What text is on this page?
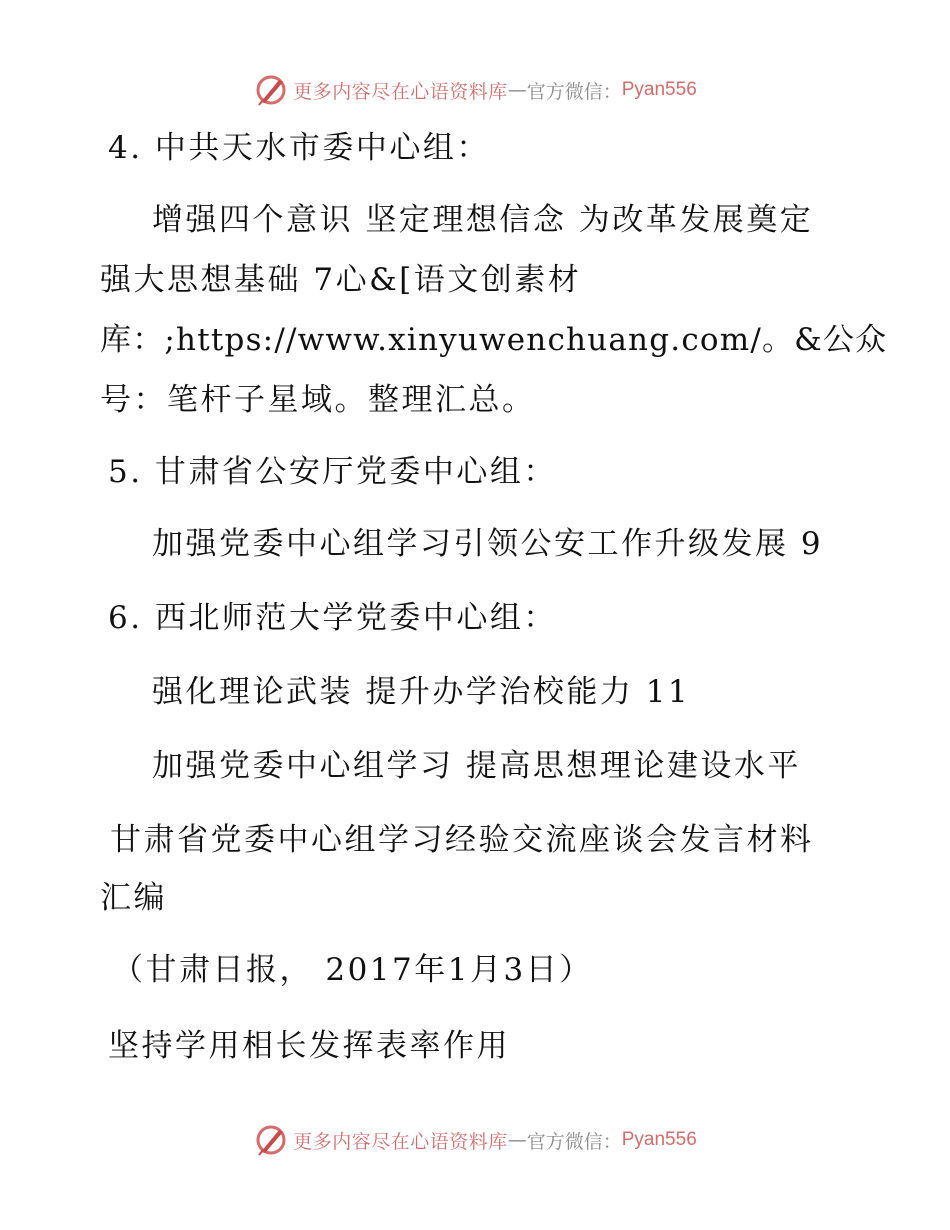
更多内容尽在心语资料库 — 官方微信： Pyan556
4. 中共天水市委中心组：
增强四个意识 坚定理想信念 为改革发展奠定
强大思想基础 7心&[语文创素材
库：;https://www.xinyuwenchuang.com/。&公众
号：笔杆子星域。整理汇总。
5. 甘肃省公安厅党委中心组：
加强党委中心组学习引领公安工作升级发展 9
6. 西北师范大学党委中心组：
强化理论武装 提升办学治校能力 11
加强党委中心组学习 提高思想理论建设水平
甘肃省党委中心组学习经验交流座谈会发言材料
汇编
（甘肃日报， 2017年1月3日）
坚持学用相长发挥表率作用
更多内容尽在心语资料库 — 官方微信： Pyan556
